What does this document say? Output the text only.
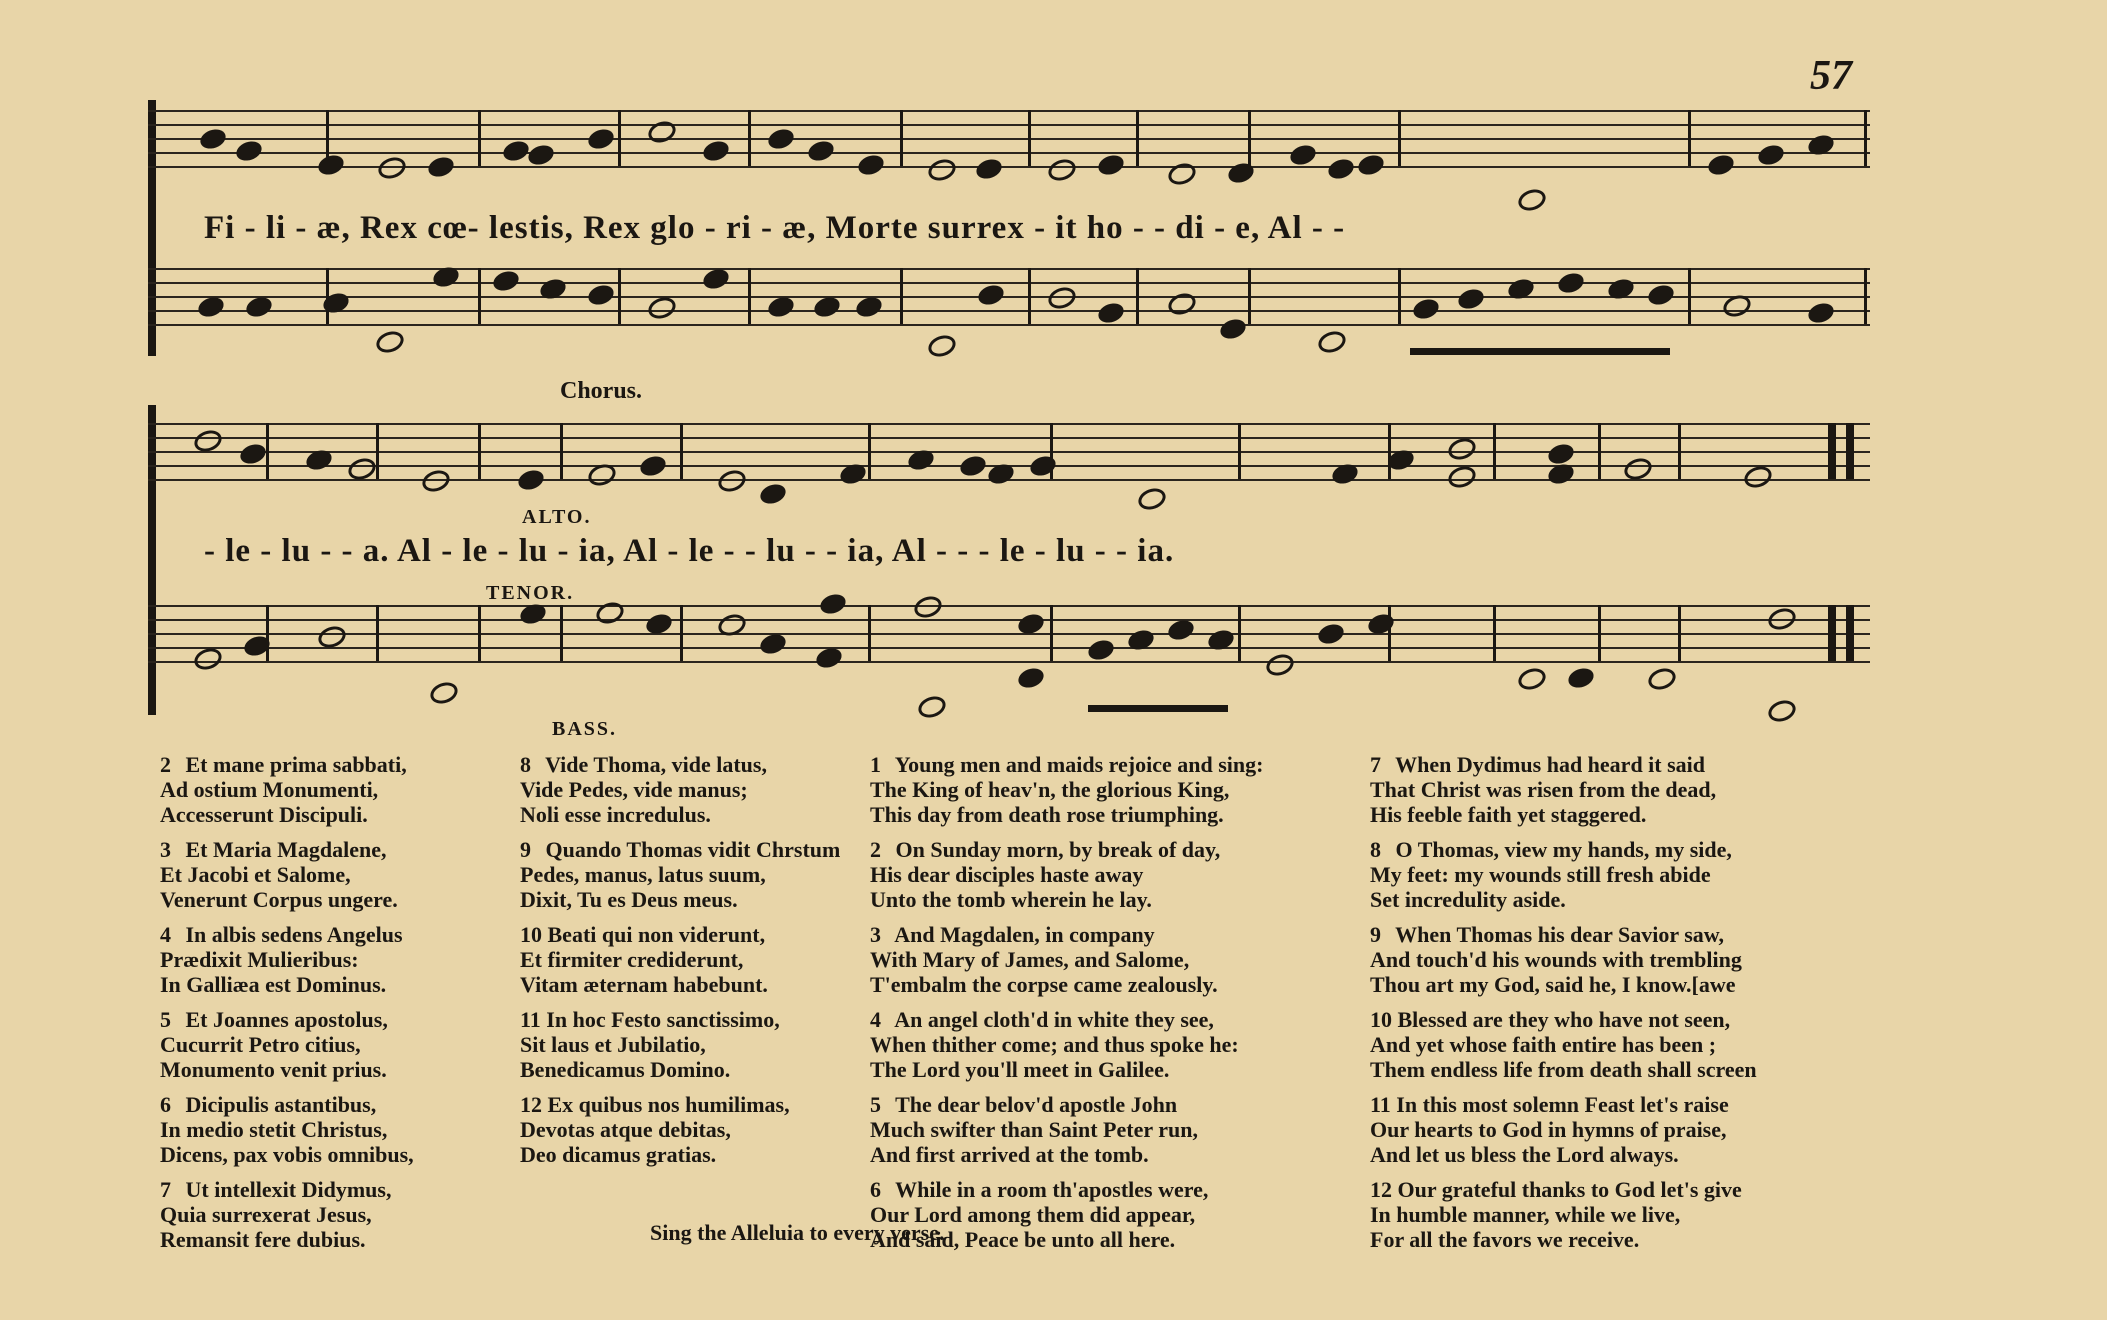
57
Fi - li - æ, Rex cœ- lestis, Rex glo - ri - æ, Morte surrex - it ho - - di - e, Al - -
Chorus.
- le - lu - - a. Al - le - lu - ia, Al - le - - lu - - ia, Al - - - le - lu - - ia.
ALTO.
TENOR.
BASS.
2 Et mane prima sabbati,
Ad ostium Monumenti,
Accesserunt Discipuli.
3 Et Maria Magdalene,
Et Jacobi et Salome,
Venerunt Corpus ungere.
4 In albis sedens Angelus
Prædixit Mulieribus:
In Galliæa est Dominus.
5 Et Joannes apostolus,
Cucurrit Petro citius,
Monumento venit prius.
6 Dicipulis astantibus,
In medio stetit Christus,
Dicens, pax vobis omnibus,
7 Ut intellexit Didymus,
Quia surrexerat Jesus,
Remansit fere dubius.
8 Vide Thoma, vide latus,
Vide Pedes, vide manus;
Noli esse incredulus.
9 Quando Thomas vidit Chrstum
Pedes, manus, latus suum,
Dixit, Tu es Deus meus.
10 Beati qui non viderunt,
Et firmiter crediderunt,
Vitam æternam habebunt.
11 In hoc Festo sanctissimo,
Sit laus et Jubilatio,
Benedicamus Domino.
12 Ex quibus nos humilimas,
Devotas atque debitas,
Deo dicamus gratias.
1 Young men and maids rejoice and sing:
The King of heav'n, the glorious King,
This day from death rose triumphing.
2 On Sunday morn, by break of day,
His dear disciples haste away
Unto the tomb wherein he lay.
3 And Magdalen, in company
With Mary of James, and Salome,
T'embalm the corpse came zealously.
4 An angel cloth'd in white they see,
When thither come; and thus spoke he:
The Lord you'll meet in Galilee.
5 The dear belov'd apostle John
Much swifter than Saint Peter run,
And first arrived at the tomb.
6 While in a room th'apostles were,
Our Lord among them did appear,
And said, Peace be unto all here.
7 When Dydimus had heard it said
That Christ was risen from the dead,
His feeble faith yet staggered.
8 O Thomas, view my hands, my side,
My feet: my wounds still fresh abide
Set incredulity aside.
9 When Thomas his dear Savior saw,
And touch'd his wounds with trembling
Thou art my God, said he, I know.[awe
10 Blessed are they who have not seen,
And yet whose faith entire has been ;
Them endless life from death shall screen
11 In this most solemn Feast let's raise
Our hearts to God in hymns of praise,
And let us bless the Lord always.
12 Our grateful thanks to God let's give
In humble manner, while we live,
For all the favors we receive.
Sing the Alleluia to every verse.
